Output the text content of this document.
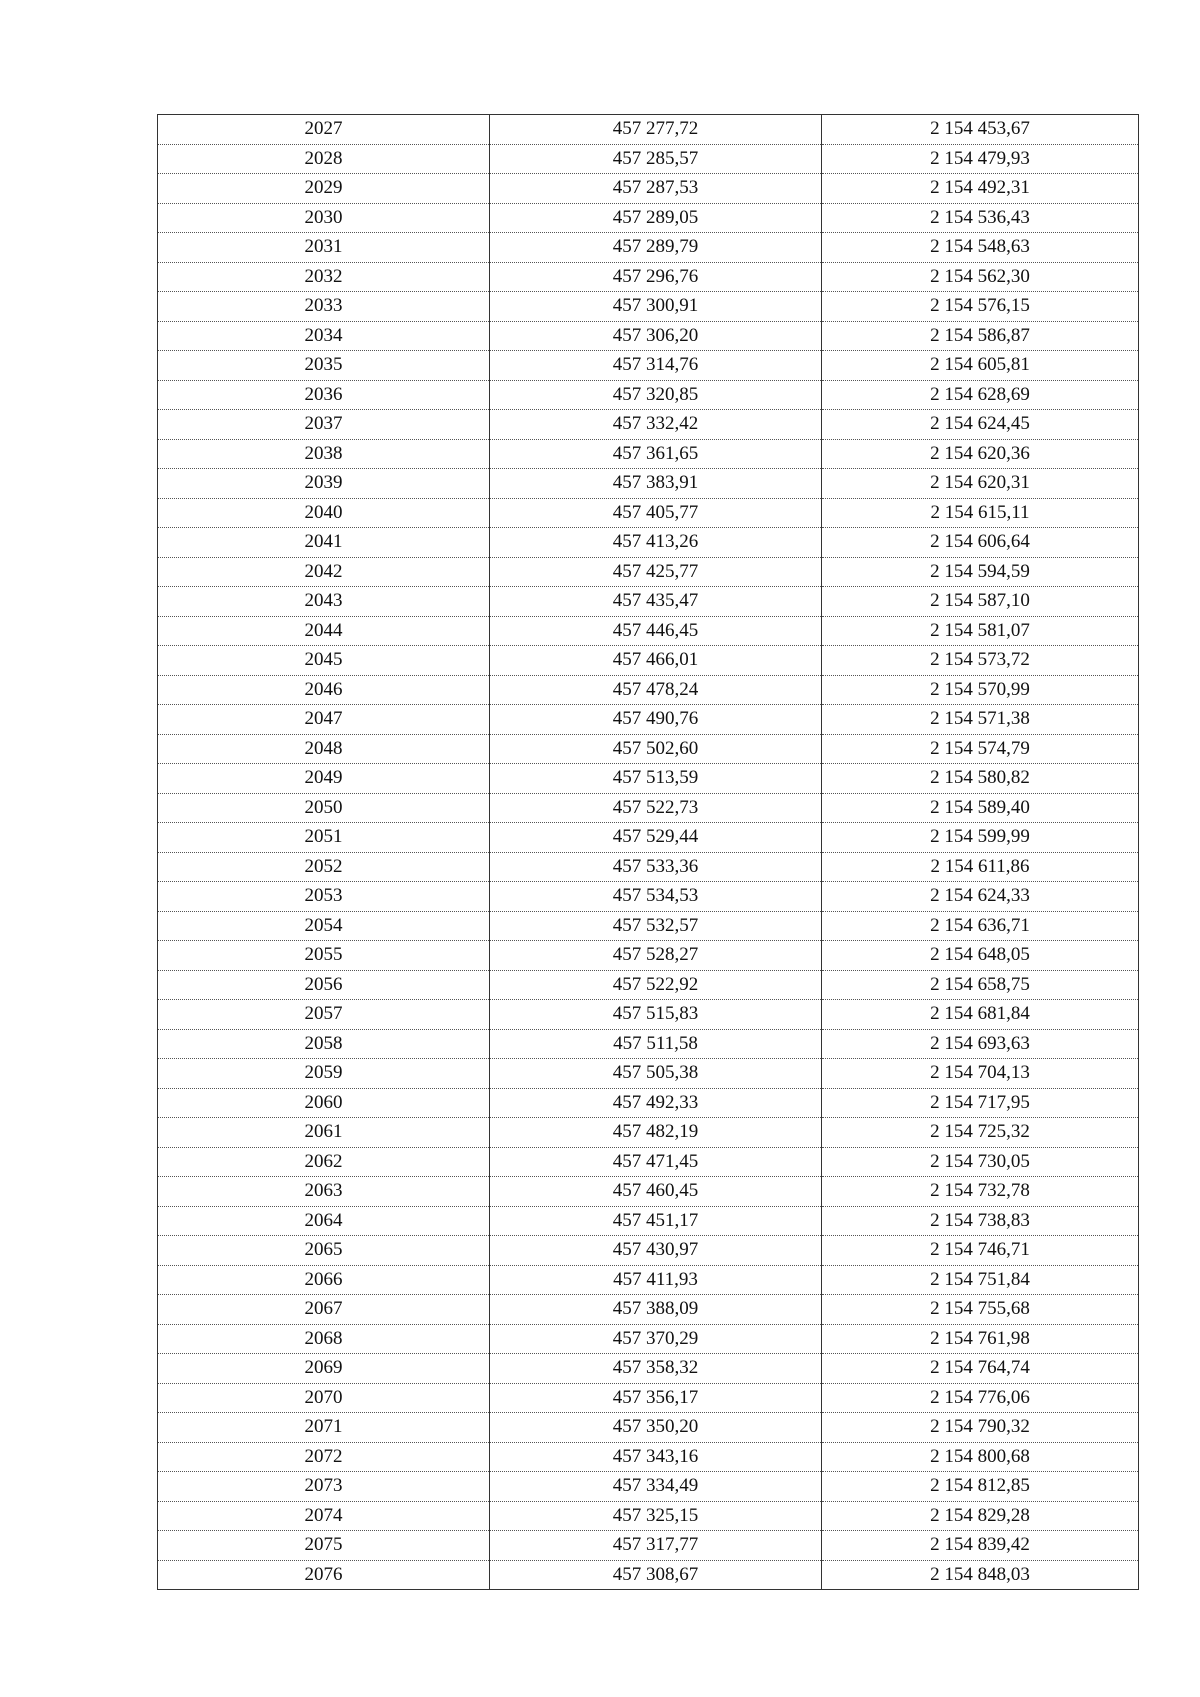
2027	457 277,72	2 154 453,67
2028	457 285,57	2 154 479,93
2029	457 287,53	2 154 492,31
2030	457 289,05	2 154 536,43
2031	457 289,79	2 154 548,63
2032	457 296,76	2 154 562,30
2033	457 300,91	2 154 576,15
2034	457 306,20	2 154 586,87
2035	457 314,76	2 154 605,81
2036	457 320,85	2 154 628,69
2037	457 332,42	2 154 624,45
2038	457 361,65	2 154 620,36
2039	457 383,91	2 154 620,31
2040	457 405,77	2 154 615,11
2041	457 413,26	2 154 606,64
2042	457 425,77	2 154 594,59
2043	457 435,47	2 154 587,10
2044	457 446,45	2 154 581,07
2045	457 466,01	2 154 573,72
2046	457 478,24	2 154 570,99
2047	457 490,76	2 154 571,38
2048	457 502,60	2 154 574,79
2049	457 513,59	2 154 580,82
2050	457 522,73	2 154 589,40
2051	457 529,44	2 154 599,99
2052	457 533,36	2 154 611,86
2053	457 534,53	2 154 624,33
2054	457 532,57	2 154 636,71
2055	457 528,27	2 154 648,05
2056	457 522,92	2 154 658,75
2057	457 515,83	2 154 681,84
2058	457 511,58	2 154 693,63
2059	457 505,38	2 154 704,13
2060	457 492,33	2 154 717,95
2061	457 482,19	2 154 725,32
2062	457 471,45	2 154 730,05
2063	457 460,45	2 154 732,78
2064	457 451,17	2 154 738,83
2065	457 430,97	2 154 746,71
2066	457 411,93	2 154 751,84
2067	457 388,09	2 154 755,68
2068	457 370,29	2 154 761,98
2069	457 358,32	2 154 764,74
2070	457 356,17	2 154 776,06
2071	457 350,20	2 154 790,32
2072	457 343,16	2 154 800,68
2073	457 334,49	2 154 812,85
2074	457 325,15	2 154 829,28
2075	457 317,77	2 154 839,42
2076	457 308,67	2 154 848,03
